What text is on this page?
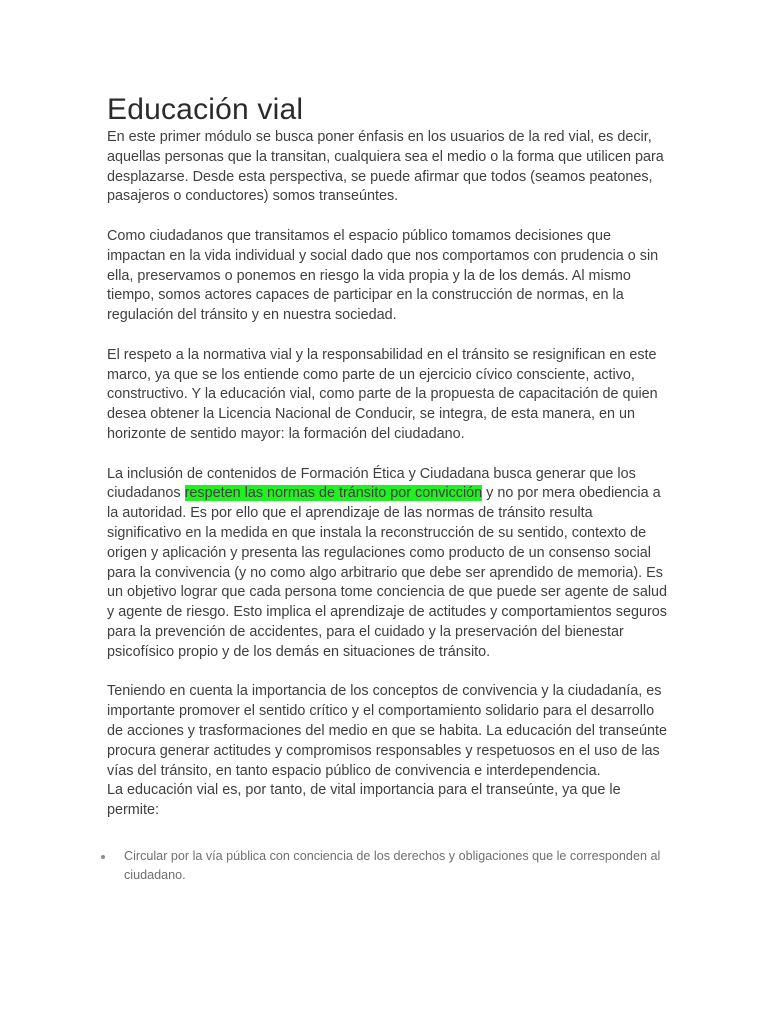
Educación vial

En este primer módulo se busca poner énfasis en los usuarios de la red vial, es decir, aquellas personas que la transitan, cualquiera sea el medio o la forma que utilicen para desplazarse. Desde esta perspectiva, se puede afirmar que todos (seamos peatones, pasajeros o conductores) somos transeúntes.

Como ciudadanos que transitamos el espacio público tomamos decisiones que impactan en la vida individual y social dado que nos comportamos con prudencia o sin ella, preservamos o ponemos en riesgo la vida propia y la de los demás. Al mismo tiempo, somos actores capaces de participar en la construcción de normas, en la regulación del tránsito y en nuestra sociedad.

El respeto a la normativa vial y la responsabilidad en el tránsito se resignifican en este marco, ya que se los entiende como parte de un ejercicio cívico consciente, activo, constructivo. Y la educación vial, como parte de la propuesta de capacitación de quien desea obtener la Licencia Nacional de Conducir, se integra, de esta manera, en un horizonte de sentido mayor: la formación del ciudadano.

La inclusión de contenidos de Formación Ética y Ciudadana busca generar que los ciudadanos respeten las normas de tránsito por convicción y no por mera obediencia a la autoridad. Es por ello que el aprendizaje de las normas de tránsito resulta significativo en la medida en que instala la reconstrucción de su sentido, contexto de origen y aplicación y presenta las regulaciones como producto de un consenso social para la convivencia (y no como algo arbitrario que debe ser aprendido de memoria). Es un objetivo lograr que cada persona tome conciencia de que puede ser agente de salud y agente de riesgo. Esto implica el aprendizaje de actitudes y comportamientos seguros para la prevención de accidentes, para el cuidado y la preservación del bienestar psicofísico propio y de los demás en situaciones de tránsito.

Teniendo en cuenta la importancia de los conceptos de convivencia y la ciudadanía, es importante promover el sentido crítico y el comportamiento solidario para el desarrollo de acciones y trasformaciones del medio en que se habita. La educación del transeúnte procura generar actitudes y compromisos responsables y respetuosos en el uso de las vías del tránsito, en tanto espacio público de convivencia e interdependencia.

La educación vial es, por tanto, de vital importancia para el transeúnte, ya que le permite:

Circular por la vía pública con conciencia de los derechos y obligaciones que le corresponden al ciudadano.
